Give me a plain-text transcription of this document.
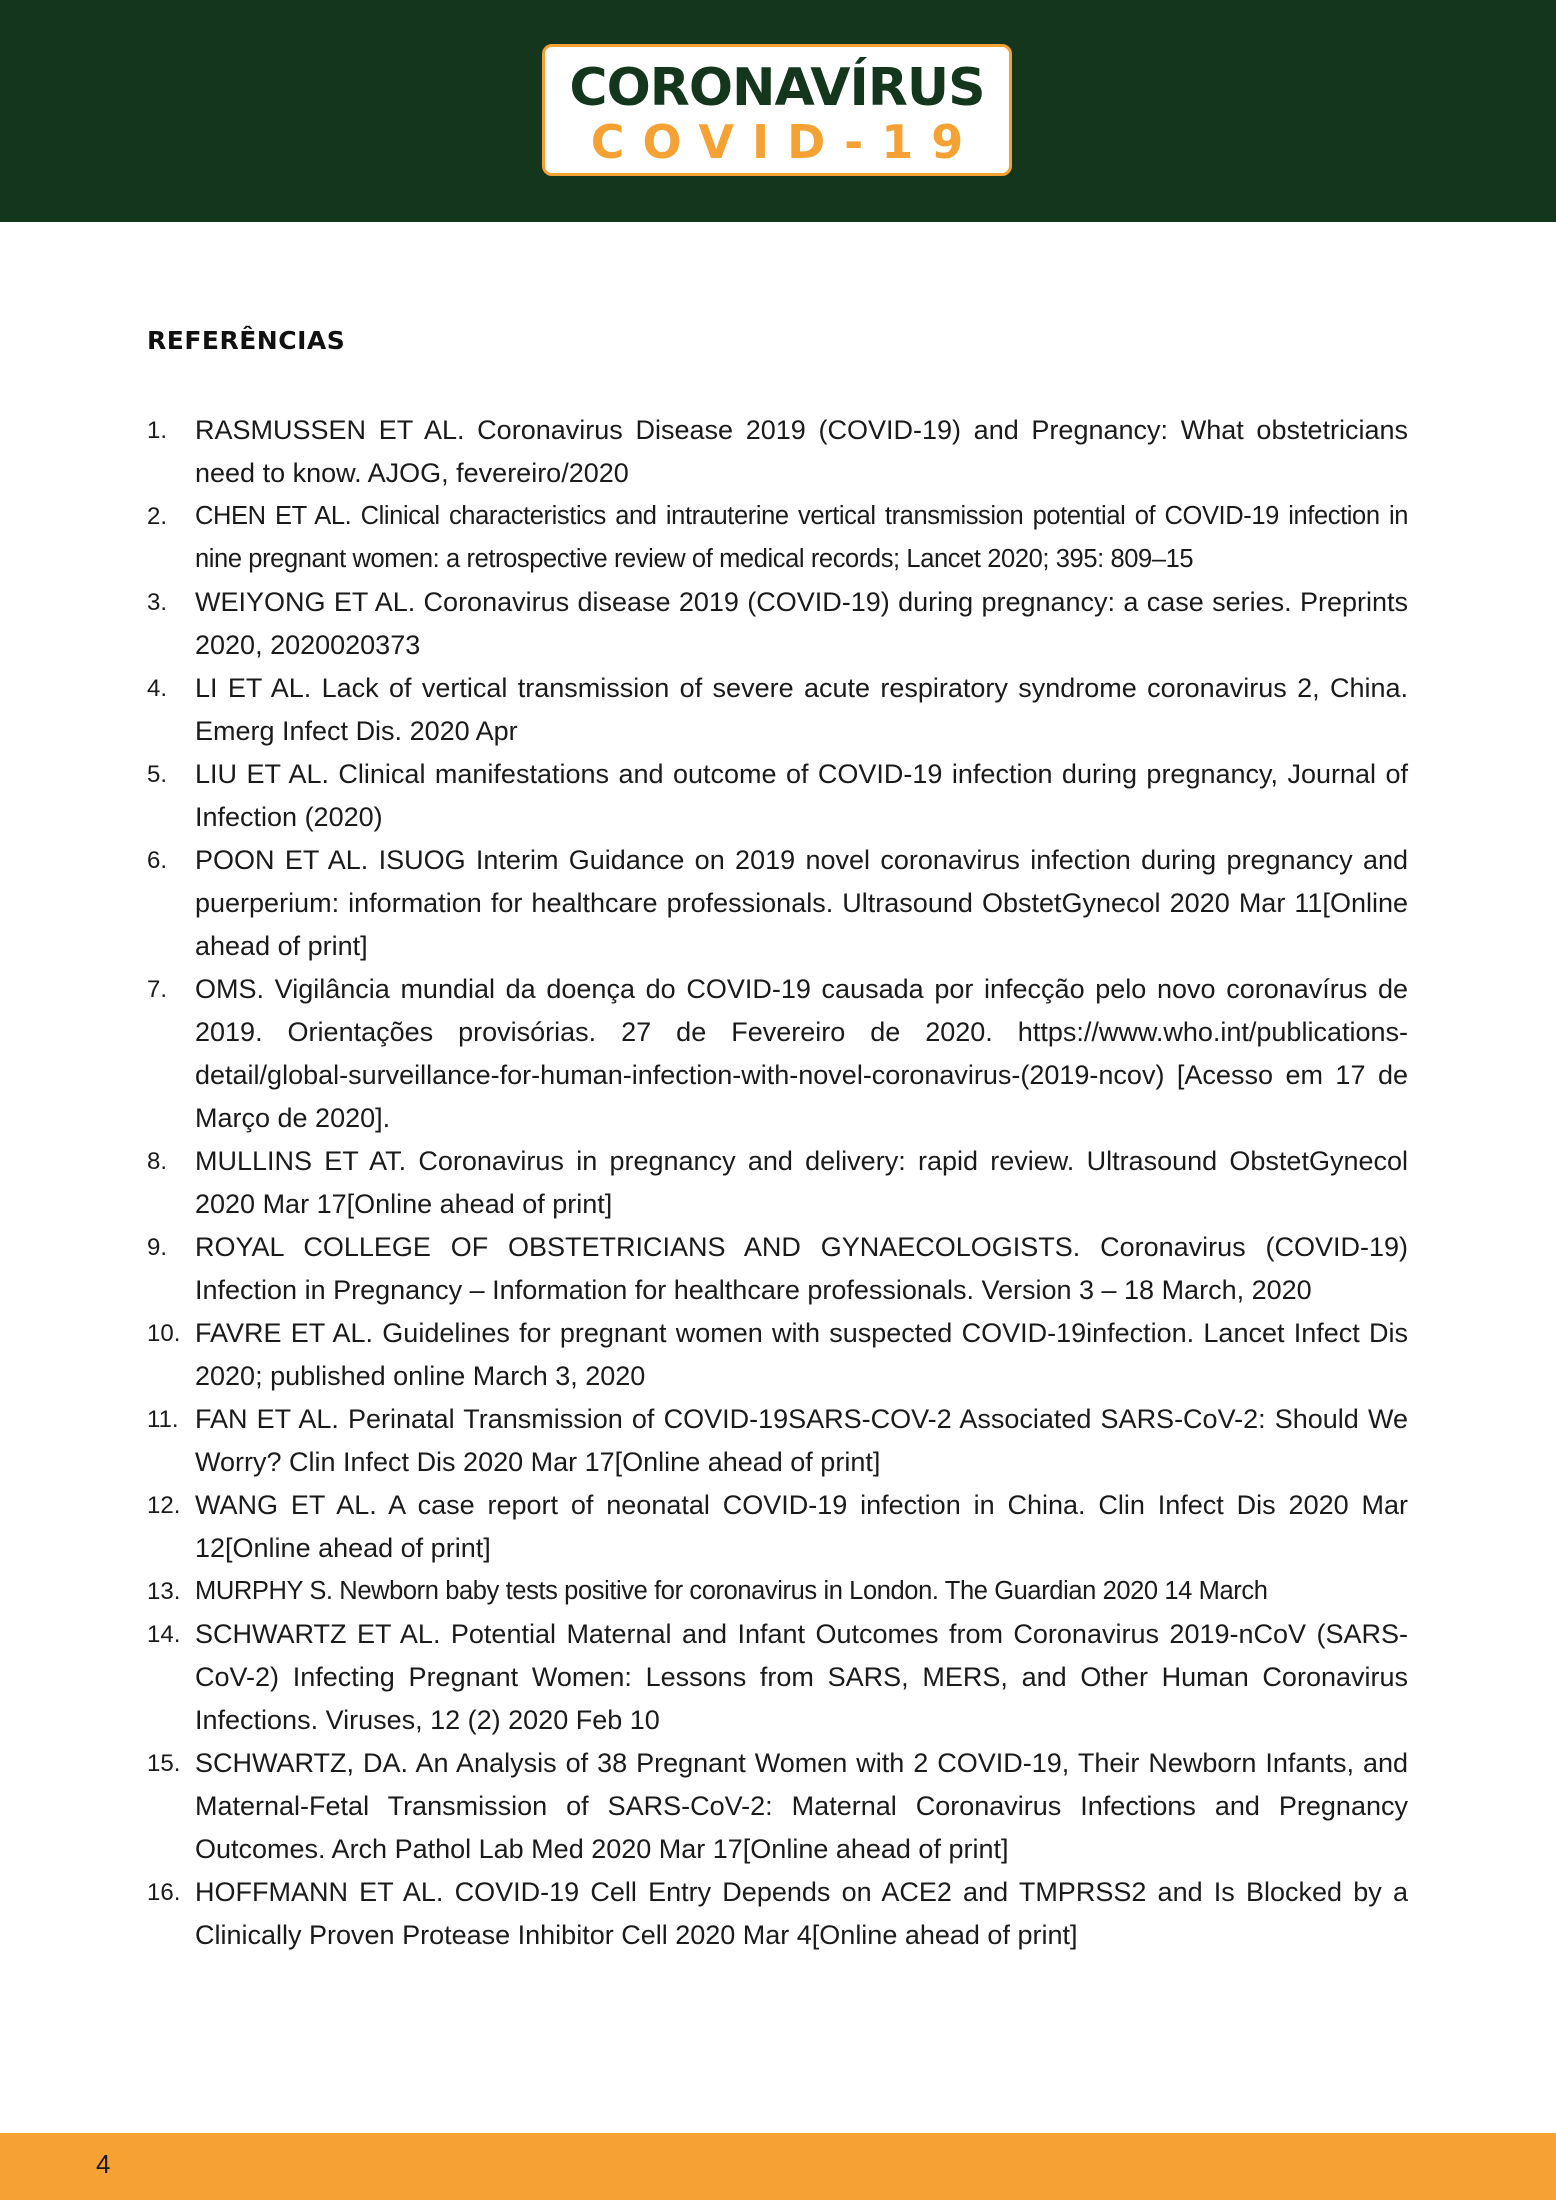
CORONAVÍRUS
COVID-19
REFERÊNCIAS
1. RASMUSSEN ET AL. Coronavirus Disease 2019 (COVID-19) and Pregnancy: What obstetricians need to know. AJOG, fevereiro/2020
2. CHEN ET AL. Clinical characteristics and intrauterine vertical transmission potential of COVID-19 infection in nine pregnant women: a retrospective review of medical records; Lancet 2020; 395: 809–15
3. WEIYONG ET AL. Coronavirus disease 2019 (COVID-19) during pregnancy: a case series. Preprints 2020, 2020020373
4. LI ET AL. Lack of vertical transmission of severe acute respiratory syndrome coronavirus 2, China. Emerg Infect Dis. 2020 Apr
5. LIU ET AL. Clinical manifestations and outcome of COVID-19 infection during pregnancy, Journal of Infection (2020)
6. POON ET AL. ISUOG Interim Guidance on 2019 novel coronavirus infection during pregnancy and puerperium: information for healthcare professionals. Ultrasound ObstetGynecol 2020 Mar 11[Online ahead of print]
7. OMS. Vigilância mundial da doença do COVID-19 causada por infecção pelo novo coronavírus de 2019. Orientações provisórias. 27 de Fevereiro de 2020. https://www.who.int/publications-detail/global-surveillance-for-human-infection-with-novel-coronavirus-(2019-ncov) [Acesso em 17 de Março de 2020].
8. MULLINS ET AT. Coronavirus in pregnancy and delivery: rapid review. Ultrasound ObstetGynecol 2020 Mar 17[Online ahead of print]
9. ROYAL COLLEGE OF OBSTETRICIANS AND GYNAECOLOGISTS. Coronavirus (COVID-19) Infection in Pregnancy – Information for healthcare professionals. Version 3 – 18 March, 2020
10. FAVRE ET AL. Guidelines for pregnant women with suspected COVID-19infection. Lancet Infect Dis 2020; published online March 3, 2020
11. FAN ET AL. Perinatal Transmission of COVID-19SARS-COV-2 Associated SARS-CoV-2: Should We Worry? Clin Infect Dis 2020 Mar 17[Online ahead of print]
12. WANG ET AL. A case report of neonatal COVID-19 infection in China. Clin Infect Dis 2020 Mar 12[Online ahead of print]
13. MURPHY S. Newborn baby tests positive for coronavirus in London. The Guardian 2020 14 March
14. SCHWARTZ ET AL. Potential Maternal and Infant Outcomes from Coronavirus 2019-nCoV (SARS-CoV-2) Infecting Pregnant Women: Lessons from SARS, MERS, and Other Human Coronavirus Infections. Viruses, 12 (2) 2020 Feb 10
15. SCHWARTZ, DA. An Analysis of 38 Pregnant Women with 2 COVID-19, Their Newborn Infants, and Maternal-Fetal Transmission of SARS-CoV-2: Maternal Coronavirus Infections and Pregnancy Outcomes. Arch Pathol Lab Med 2020 Mar 17[Online ahead of print]
16. HOFFMANN ET AL. COVID-19 Cell Entry Depends on ACE2 and TMPRSS2 and Is Blocked by a Clinically Proven Protease Inhibitor Cell 2020 Mar 4[Online ahead of print]
4
